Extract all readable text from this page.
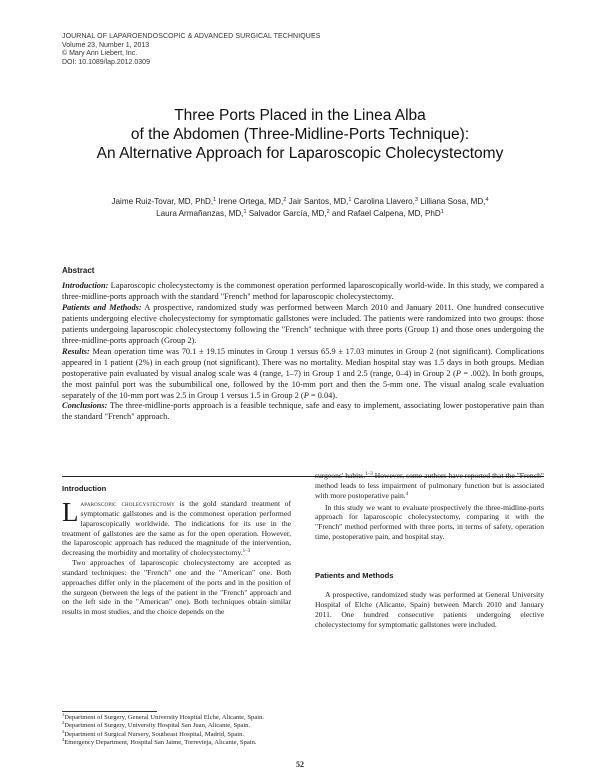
JOURNAL OF LAPAROENDOSCOPIC & ADVANCED SURGICAL TECHNIQUES
Volume 23, Number 1, 2013
© Mary Ann Liebert, Inc.
DOI: 10.1089/lap.2012.0309
Three Ports Placed in the Linea Alba
of the Abdomen (Three-Midline-Ports Technique):
An Alternative Approach for Laparoscopic Cholecystectomy
Jaime Ruiz-Tovar, MD, PhD,$^1$ Irene Ortega, MD,$^2$ Jair Santos, MD,$^1$ Carolina Llavero,$^3$ Lilliana Sosa, MD,$^4$
Laura Armañanzas, MD,$^1$ Salvador García, MD,$^2$ and Rafael Calpena, MD, PhD$^1$
Abstract

Introduction: Laparoscopic cholecystectomy is the commonest operation performed laparoscopically world-wide. In this study, we compared a three-midline-ports approach with the standard "French" method for laparoscopic cholecystectomy.

Patients and Methods: A prospective, randomized study was performed between March 2010 and January 2011. One hundred consecutive patients undergoing elective cholecystectomy for symptomatic gallstones were included. The patients were randomized into two groups: those patients undergoing laparoscopic cholecystectomy following the "French" technique with three ports (Group 1) and those ones undergoing the three-midline-ports approach (Group 2).

Results: Mean operation time was 70.1 ± 19.15 minutes in Group 1 versus 65.9 ± 17.03 minutes in Group 2 (not significant). Complications appeared in 1 patient (2%) in each group (not significant). There was no mortality. Median hospital stay was 1.5 days in both groups. Median postoperative pain evaluated by visual analog scale was 4 (range, 1–7) in Group 1 and 2.5 (range, 0–4) in Group 2 (P = .002). In both groups, the most painful port was the subumbilical one, followed by the 10-mm port and then the 5-mm one. The visual analog scale evaluation separately of the 10-mm port was 2.5 in Group 1 versus 1.5 in Group 2 (P = 0.04).

Conclusions: The three-midline-ports approach is a feasible technique, safe and easy to implement, associating lower postoperative pain than the standard "French" approach.

Introduction

Laparoscopic cholecystectomy is the gold standard treatment of symptomatic gallstones and is the commonest operation performed laparoscopically worldwide. The indications for its use in the treatment of gallstones are the same as for the open operation. However, the laparoscopic approach has reduced the magnitude of the intervention, decreasing the morbidity and mortality of cholecystectomy.$^{1-3}$

Two approaches of laparoscopic cholecystectomy are accepted as standard techniques: the "French" one and the "American" one. Both approaches differ only in the placement of the ports and in the position of the surgeon (between the legs of the patient in the "French" approach and on the left side in the "American" one). Both techniques obtain similar results in most studies, and the choice depends on the

surgeons' habits.$^{1-3}$ However, some authors have reported that the "French" method leads to less impairment of pulmonary function but is associated with more postoperative pain.$^4$

In this study we want to evaluate prospectively the three-midline-ports approach for laparoscopic cholecystectomy, comparing it with the "French" method performed with three ports, in terms of safety, operation time, postoperative pain, and hospital stay.

Patients and Methods

A prospective, randomized study was performed at General University Hospital of Elche (Alicante, Spain) between March 2010 and January 2011. One hundred consecutive patients undergoing elective cholecystectomy for symptomatic gallstones were included.

$^1$Department of Surgery, General University Hospital Elche, Alicante, Spain.
$^2$Department of Surgery, University Hospital San Juan, Alicante, Spain.
$^3$Department of Surgical Nursery, Southeast Hospital, Madrid, Spain.
$^4$Emergency Department, Hospital San Jaime, Torrevieja, Alicante, Spain.
52
